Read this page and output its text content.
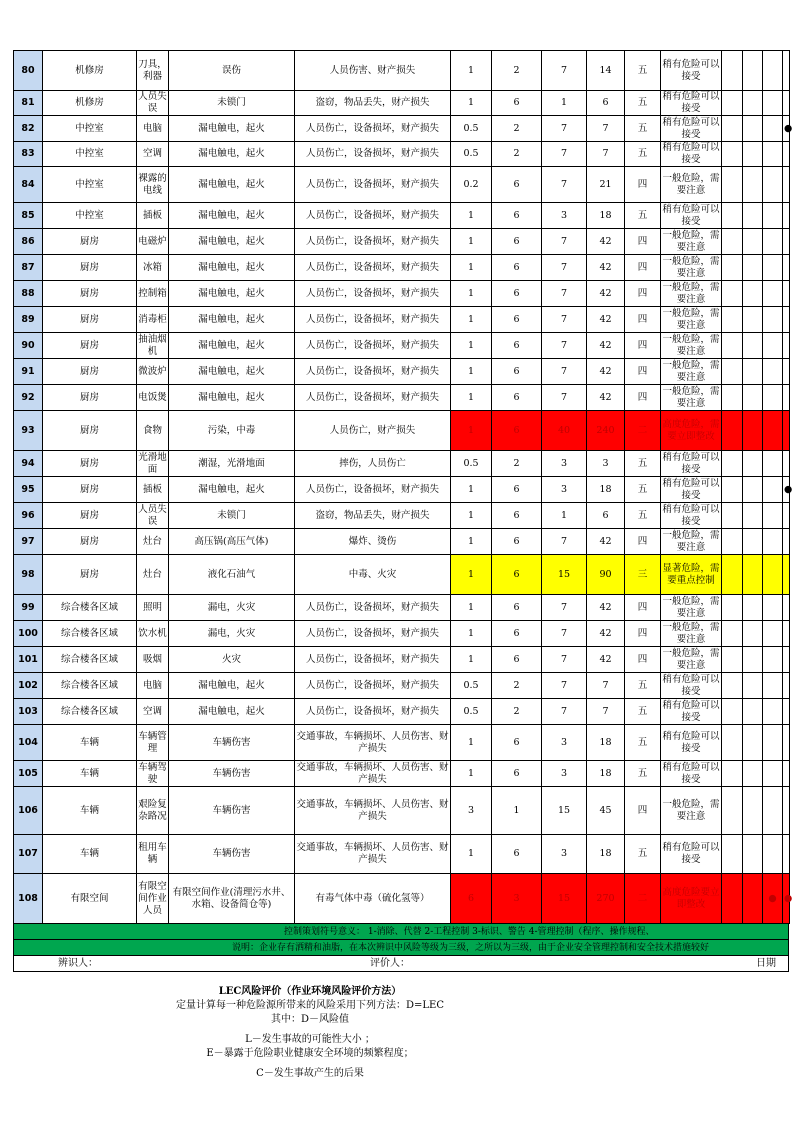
80	机修房	刀具，利器	误伤	人员伤害、财产损失	1	2	7	14	五	稍有危险可以接受				
81	机修房	人员失误	未锁门	盗窃，物品丢失，财产损失	1	6	1	6	五	稍有危险可以接受				
82	中控室	电脑	漏电触电，起火	人员伤亡，设备损坏，财产损失	0.5	2	7	7	五	稍有危险可以接受				●
83	中控室	空调	漏电触电，起火	人员伤亡，设备损坏，财产损失	0.5	2	7	7	五	稍有危险可以接受				
84	中控室	裸露的电线	漏电触电，起火	人员伤亡，设备损坏，财产损失	0.2	6	7	21	四	一般危险，需要注意				
85	中控室	插板	漏电触电，起火	人员伤亡，设备损坏，财产损失	1	6	3	18	五	稍有危险可以接受				
86	厨房	电磁炉	漏电触电，起火	人员伤亡，设备损坏，财产损失	1	6	7	42	四	一般危险，需要注意				
87	厨房	冰箱	漏电触电，起火	人员伤亡，设备损坏，财产损失	1	6	7	42	四	一般危险，需要注意				
88	厨房	控制箱	漏电触电，起火	人员伤亡，设备损坏，财产损失	1	6	7	42	四	一般危险，需要注意				
89	厨房	消毒柜	漏电触电，起火	人员伤亡，设备损坏，财产损失	1	6	7	42	四	一般危险，需要注意				
90	厨房	抽油烟机	漏电触电，起火	人员伤亡，设备损坏，财产损失	1	6	7	42	四	一般危险，需要注意				
91	厨房	微波炉	漏电触电，起火	人员伤亡，设备损坏，财产损失	1	6	7	42	四	一般危险，需要注意				
92	厨房	电饭煲	漏电触电，起火	人员伤亡，设备损坏，财产损失	1	6	7	42	四	一般危险，需要注意				
93	厨房	食物	污染，中毒	人员伤亡，财产损失	1	6	40	240	二	高度危险，需要立即整改				
94	厨房	光滑地面	潮湿，光滑地面	摔伤，人员伤亡	0.5	2	3	3	五	稍有危险可以接受				
95	厨房	插板	漏电触电，起火	人员伤亡，设备损坏，财产损失	1	6	3	18	五	稍有危险可以接受				●
96	厨房	人员失误	未锁门	盗窃，物品丢失，财产损失	1	6	1	6	五	稍有危险可以接受				
97	厨房	灶台	高压锅(高压气体)	爆炸、烫伤	1	6	7	42	四	一般危险，需要注意				
98	厨房	灶台	液化石油气	中毒、火灾	1	6	15	90	三	显著危险，需要重点控制				
99	综合楼各区域	照明	漏电，火灾	人员伤亡，设备损坏，财产损失	1	6	7	42	四	一般危险，需要注意				
100	综合楼各区域	饮水机	漏电，火灾	人员伤亡，设备损坏，财产损失	1	6	7	42	四	一般危险，需要注意				
101	综合楼各区域	吸烟	火灾	人员伤亡，设备损坏，财产损失	1	6	7	42	四	一般危险，需要注意				
102	综合楼各区域	电脑	漏电触电，起火	人员伤亡，设备损坏，财产损失	0.5	2	7	7	五	稍有危险可以接受				
103	综合楼各区域	空调	漏电触电，起火	人员伤亡，设备损坏，财产损失	0.5	2	7	7	五	稍有危险可以接受				
104	车辆	车辆管理	车辆伤害	交通事故，车辆损坏、人员伤害、财产损失	1	6	3	18	五	稍有危险可以接受				
105	车辆	车辆驾驶	车辆伤害	交通事故，车辆损坏、人员伤害、财产损失	1	6	3	18	五	稍有危险可以接受				
106	车辆	艰险复杂路况	车辆伤害	交通事故，车辆损坏、人员伤害、财产损失	3	1	15	45	四	一般危险，需要注意				
107	车辆	租用车辆	车辆伤害	交通事故，车辆损坏、人员伤害、财产损失	1	6	3	18	五	稍有危险可以接受				
108	有限空间	有限空间作业人员	有限空间作业(清理污水井、水箱、设备简仓等)	有毒气体中毒（硫化氢等）	6	3	15	270	二	高度危险要立即整改			●	●
控制策划符号意义： 1-消除、代替 2-工程控制 3-标识、警告 4-管理控制（程序、操作规程、
说明：企业存有洒精和油脂，在本次辨识中风险等级为三级，之所以为三级，由于企业安全管理控制和安全技术措施较好
辨识人：	评价人：	日期
LEC风险评价（作业环境风险评价方法）
定量计算每一种危险源所带来的风险采用下列方法：D=LEC
其中：D－风险值
L－发生事故的可能性大小 ；
E－暴露于危险职业健康安全环境的频繁程度；
C－发生事故产生的后果
